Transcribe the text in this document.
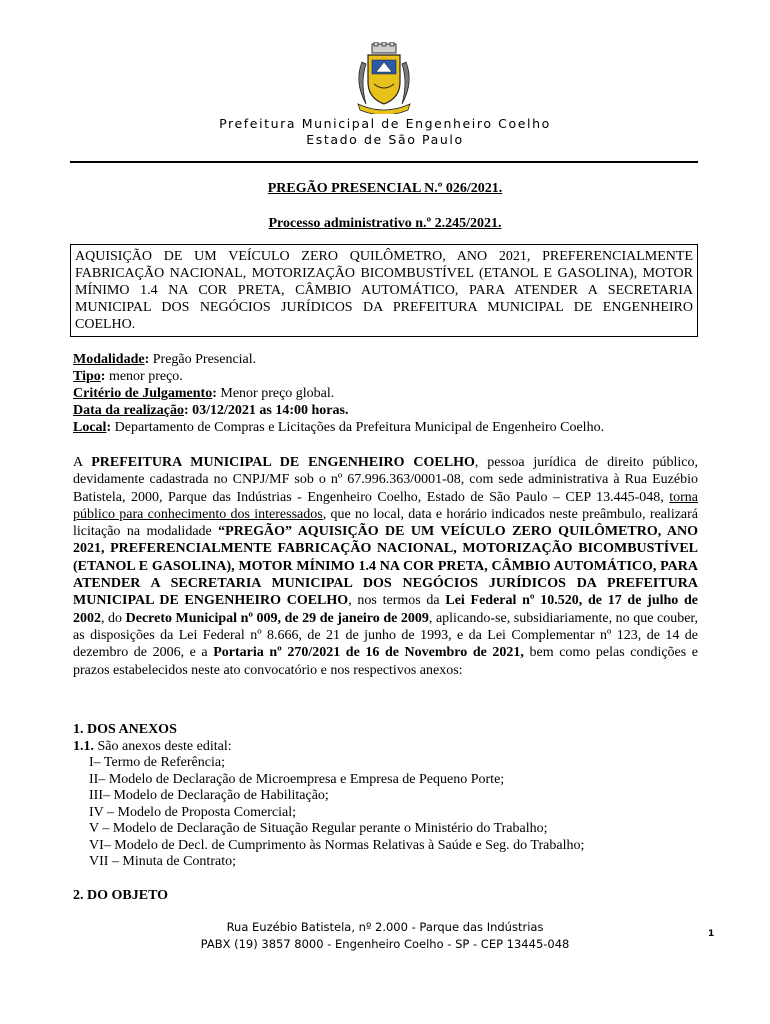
Prefeitura Municipal de Engenheiro Coelho
Estado de São Paulo
PREGÃO PRESENCIAL N.º 026/2021.
Processo administrativo n.º 2.245/2021.
AQUISIÇÃO DE UM VEÍCULO ZERO QUILÔMETRO, ANO 2021, PREFERENCIALMENTE FABRICAÇÃO NACIONAL, MOTORIZAÇÃO BICOMBUSTÍVEL (ETANOL E GASOLINA), MOTOR MÍNIMO 1.4 NA COR PRETA, CÂMBIO AUTOMÁTICO, PARA ATENDER A SECRETARIA MUNICIPAL DOS NEGÓCIOS JURÍDICOS DA PREFEITURA MUNICIPAL DE ENGENHEIRO COELHO.
Modalidade: Pregão Presencial.
Tipo: menor preço.
Critério de Julgamento: Menor preço global.
Data da realização: 03/12/2021 as 14:00 horas.
Local: Departamento de Compras e Licitações da Prefeitura Municipal de Engenheiro Coelho.
A PREFEITURA MUNICIPAL DE ENGENHEIRO COELHO, pessoa jurídica de direito público, devidamente cadastrada no CNPJ/MF sob o nº 67.996.363/0001-08, com sede administrativa à Rua Euzébio Batistela, 2000, Parque das Indústrias - Engenheiro Coelho, Estado de São Paulo – CEP 13.445-048, torna público para conhecimento dos interessados, que no local, data e horário indicados neste preâmbulo, realizará licitação na modalidade “PREGÃO” AQUISIÇÃO DE UM VEÍCULO ZERO QUILÔMETRO, ANO 2021, PREFERENCIALMENTE FABRICAÇÃO NACIONAL, MOTORIZAÇÃO BICOMBUSTÍVEL (ETANOL E GASOLINA), MOTOR MÍNIMO 1.4 NA COR PRETA, CÂMBIO AUTOMÁTICO, PARA ATENDER A SECRETARIA MUNICIPAL DOS NEGÓCIOS JURÍDICOS DA PREFEITURA MUNICIPAL DE ENGENHEIRO COELHO, nos termos da Lei Federal nº 10.520, de 17 de julho de 2002, do Decreto Municipal nº 009, de 29 de janeiro de 2009, aplicando-se, subsidiariamente, no que couber, as disposições da Lei Federal nº 8.666, de 21 de junho de 1993, e da Lei Complementar nº 123, de 14 de dezembro de 2006, e a Portaria nº 270/2021 de 16 de Novembro de 2021, bem como pelas condições e prazos estabelecidos neste ato convocatório e nos respectivos anexos:
1. DOS ANEXOS
1.1. São anexos deste edital:
I– Termo de Referência;
II– Modelo de Declaração de Microempresa e Empresa de Pequeno Porte;
III– Modelo de Declaração de Habilitação;
IV – Modelo de Proposta Comercial;
V – Modelo de Declaração de Situação Regular perante o Ministério do Trabalho;
VI– Modelo de Decl. de Cumprimento às Normas Relativas à Saúde e Seg. do Trabalho;
VII – Minuta de Contrato;
2. DO OBJETO
Rua Euzébio Batistela, nº 2.000 - Parque das Indústrias
PABX (19) 3857 8000 - Engenheiro Coelho - SP - CEP 13445-048
1
